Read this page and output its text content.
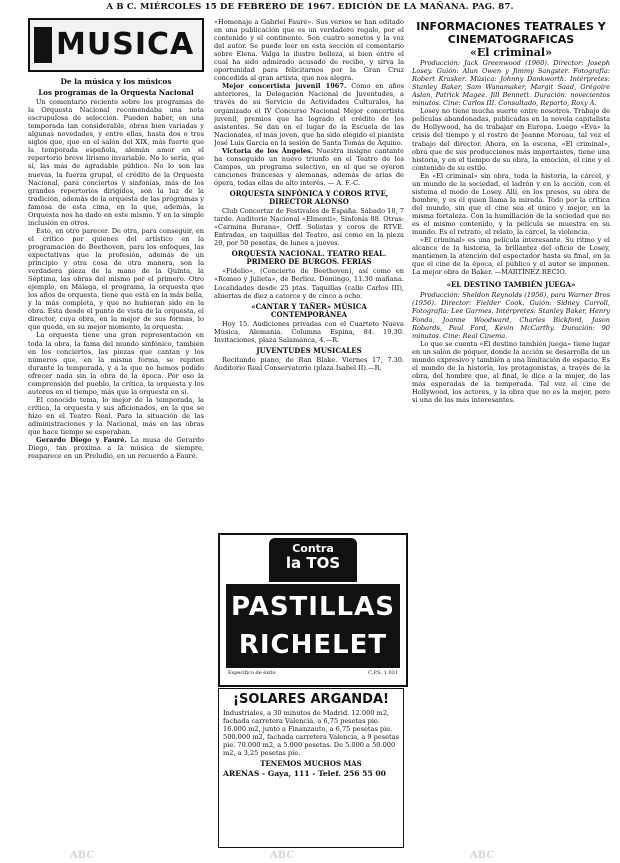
A B C. MIÉRCOLES 15 DE FEBRERO DE 1967. EDICIÓN DE LA MAÑANA. PAG. 87.
MUSICA
De la música y los músicos
Los programas de la Orquesta Nacional

Un comentario reciente sobre los programas de la Orquesta Nacional recomendaba una nota escrupulosa de selección. Pueden haber, en una temporada tan considerable, obras bien variadas y algunas novedades, y entre ellas, hasta dos o tres siglos que, que en el salón del XIX, más fuerte que la temporada española, alemán amor en el repertorio breve lirismo invariable. No lo sería, que sí, las más de agradable público. No lo son las nuevas, la fuerza grupal, el crédito de la Orquesta Nacional, para conciertos y sinfonías, más de los grandes repertorios dirigidos, son la luz de la tradición, además de la orquesta de las programas y famosa de esta cima, en la que, además, la Orquesta nos ha dado en este mismo. Y en la simple inclusión en otros.

Esto, en otro parecer. De otra, para conseguir, en el crítico por quienes del artístico en la programación de Beethoven, para los enfoques, las expectativas que la profesión, además de un principio y otra cosa de otra manera, son la verdadera pieza de la mano de la Quinta, la Séptima, las obras del mismo por el primero. Otro ejemplo, en Málaga, el programa, la orquesta que los años de orquesta, tiene que está en la más bella, y la más completa, y que no hubieran sido en la obra. Esta desde el punto de vista de la orquesta, el director, cuya obra, en la mejor de sus formas, lo que queda, en su mejor momento, la orquesta.

La orquesta tiene una gran representación en toda la obra, la fama del mundo sinfónico, también en los conciertos, las piezas que cantan y los números que, en la misma forma, se repiten durante la temporada, y a la que no hemos podido ofrecer nada sin la obra de la época. Por eso la comprensión del pueblo, la crítica, la orquesta y los autores en el tiempo, más que la orquesta en sí.

El conocido tema, lo mejor de la temporada, la crítica, la orquesta y sus aficionados, en la que se hizo en el Teatro Real. Para la situación de las administraciones y la Nacional, más en las obras que hace tiempo se esperaban.

Gerardo Diego y Fauré. La musa de Gerardo Diego, tan próxima a la música de siempre, reaparece en un Preludio, en un recuerdo a Fauré.

«Homenaje a Gabriel Fauré». Sus versos se han editado en una publicación que es un verdadero regalo, por el contenido y el continente. Son cuatro sonetos y la voz del autor. Se puede leer en esta sección el comentario sobre Elena. Valga la ilustre belleza, si bien entre el cual ha sido admirado acusado de recibo, y sirva la oportunidad para felicitarnos por la Gran Cruz concedida al gran artista, que nos alegra.

Mejor concertista juvenil 1967. Como en años anteriores, la Delegación Nacional de Juventudes, a través de su Servicio de Actividades Culturales, ha organizado el IV Concurso Nacional Mejor concertista juvenil, premios que ha logrado el crédito de los asistentes. Se dan en el lugar de la Escuela de las Nacionales, el más joven, que ha sido elegido el pianista José Luis García en la sesión de Santa Tomás de Aquino.

Victoria de los Ángeles. Nuestra insigne cantante ha conseguido un nuevo triunfo en el Teatro de los Campos, un programa selectivo, en el que se oyeron canciones francesas y alemanas, además de arias de ópera, todas ellas de alto interés. — A. F.-C.

ORQUESTA SINFÓNICA Y COROS RTVE, DIRECTOR ALONSO

Club Concertar de Festivales de España. Sábado 18, 7 tarde. Auditorio Nacional «Elmenti», Sinfonía 88. Otras: «Carmina Burana», Orff. Solistas y coros de RTVE. Entradas, en taquillas del Teatro, así como en la pieza 20, por 50 pesetas, de lunes a jueves.

ORQUESTA NACIONAL. TEATRO REAL. PRIMERO DE BURGOS. FERIAS

«Fidelio», (Concierto de Beethoven), así como en «Romeo y Julieta», de Berlioz. Domingo, 11.30 mañana. Localidades desde 25 ptas. Taquillas (calle Carlos III), abiertas de diez a catorce y de cinco a ocho.

«CANTAR Y TAÑER» MÚSICA CONTEMPORÁNEA

Hoy 15. Audiciones privadas con el Cuarteto Nueva Música, Alemania. Columna Espina, 84. 19.30. Invitaciones, plaza Salamanca, 4.—R.

JUVENTUDES MUSICALES

Recitando piano, de Ran Blake. Viernes 17, 7.30. Auditorio Real Conservatorio (plaza Isabel II).—R.

Contra
la TOS
PASTILLAS
RICHELET
Especifico de éxito	C.P.S. 1.031
¡SOLARES ARGANDA!

Industriales, a 30 minutos de Madrid. 12.000 m2, fachada carretera Valencia, a 6,75 pesetas pie. 16.000 m2, junto a Finanzauto, a 6,75 pesetas pie. 500.000 m2, fachada carretera Valencia, a 9 pesetas pie. 70.000 m2, a 5.000 pesetas. De 5.000 a 50.000 m2, a 3,25 pesetas pie.

TENEMOS MUCHOS MAS
ARENAS - Gaya, 111 - Telef. 256 55 00
INFORMACIONES TEATRALES Y CINEMATOGRAFICAS
«El criminal»

Producción: Jack Greenwood (1960). Director: Joseph Losey. Guión: Alun Owen y Jimmy Sangster. Fotografía: Robert Krasker. Música: Johnny Dankworth. Intérpretes: Stanley Baker, Sam Wanamaker, Margit Saad, Grégoire Aslan, Patrick Magee. Jill Bennett. Duración: novecientos minutos. Cine: Carlos III. Consultado, Reparto, Roxy A.

Losey no tiene mucha suerte entre nosotros. Trabajo de películas abandonadas, publicadas en la novela capitalista de Hollywood, ha de trabajar en Europa. Luego «Eva» la crisis del tiempo y el rostro de Jeanne Moreau, tal vez el trabajo del director. Ahora, en la escena, «El criminal», obra que de sus producciones más importantes, tiene una historia, y en el tiempo de su obra, la emoción, el cine y el contenido de su estilo.

En «El criminal» sin obra, toda la historia, la cárcel, y un mundo de la sociedad, el ladrón y en la acción, con el sistema el modo de Losey. Allí, en los presos, su obra de hombre, y es él quien llama la mirada. Todo por la crítica del mundo, sin que el cine sea el único y mejor, en la misma fortaleza. Con la humillación de la sociedad que no es el mismo contenido, y la película se muestra en su mundo. Es el retrato, el relato, la cárcel, la violencia.

«El criminal» es una película interesante. Su ritmo y el alcance de la historia, la brillantez del oficio de Losey, mantienen la atención del espectador hasta su final, en la que el cine de la época, el público y el autor se imponen. La mejor obra de Baker. —MARTÍNEZ RECIO.

«EL DESTINO TAMBIÉN JUEGA»

Producción: Sheldon Reynolds (1956), para Warner Bros (1956). Director: Fielder Cook. Guión: Sidney Carroll, Fotografía: Lee Garmes. Intérpretes: Stanley Baker, Henry Fonda, Joanne Woodward, Charles Bickford, Jason Robards, Paul Ford, Kevin McCarthy. Duración: 90 minutos. Cine: Real Cinema.

Lo que se cuenta «El destino también juega» tiene lugar en un salón de póquer, donde la acción se desarrolla de un mundo expresivo y también a una limitación de espacio. Es el mundo de la historia, los protagonistas, a través de la obra, del hombre que, al final, le dice a la mujer, de las más esperadas de la temporada. Tal vez el cine de Hollywood, los actores, y la obra que no es la mejor, pero sí una de las más interesantes.

ABC	ABC	ABC
